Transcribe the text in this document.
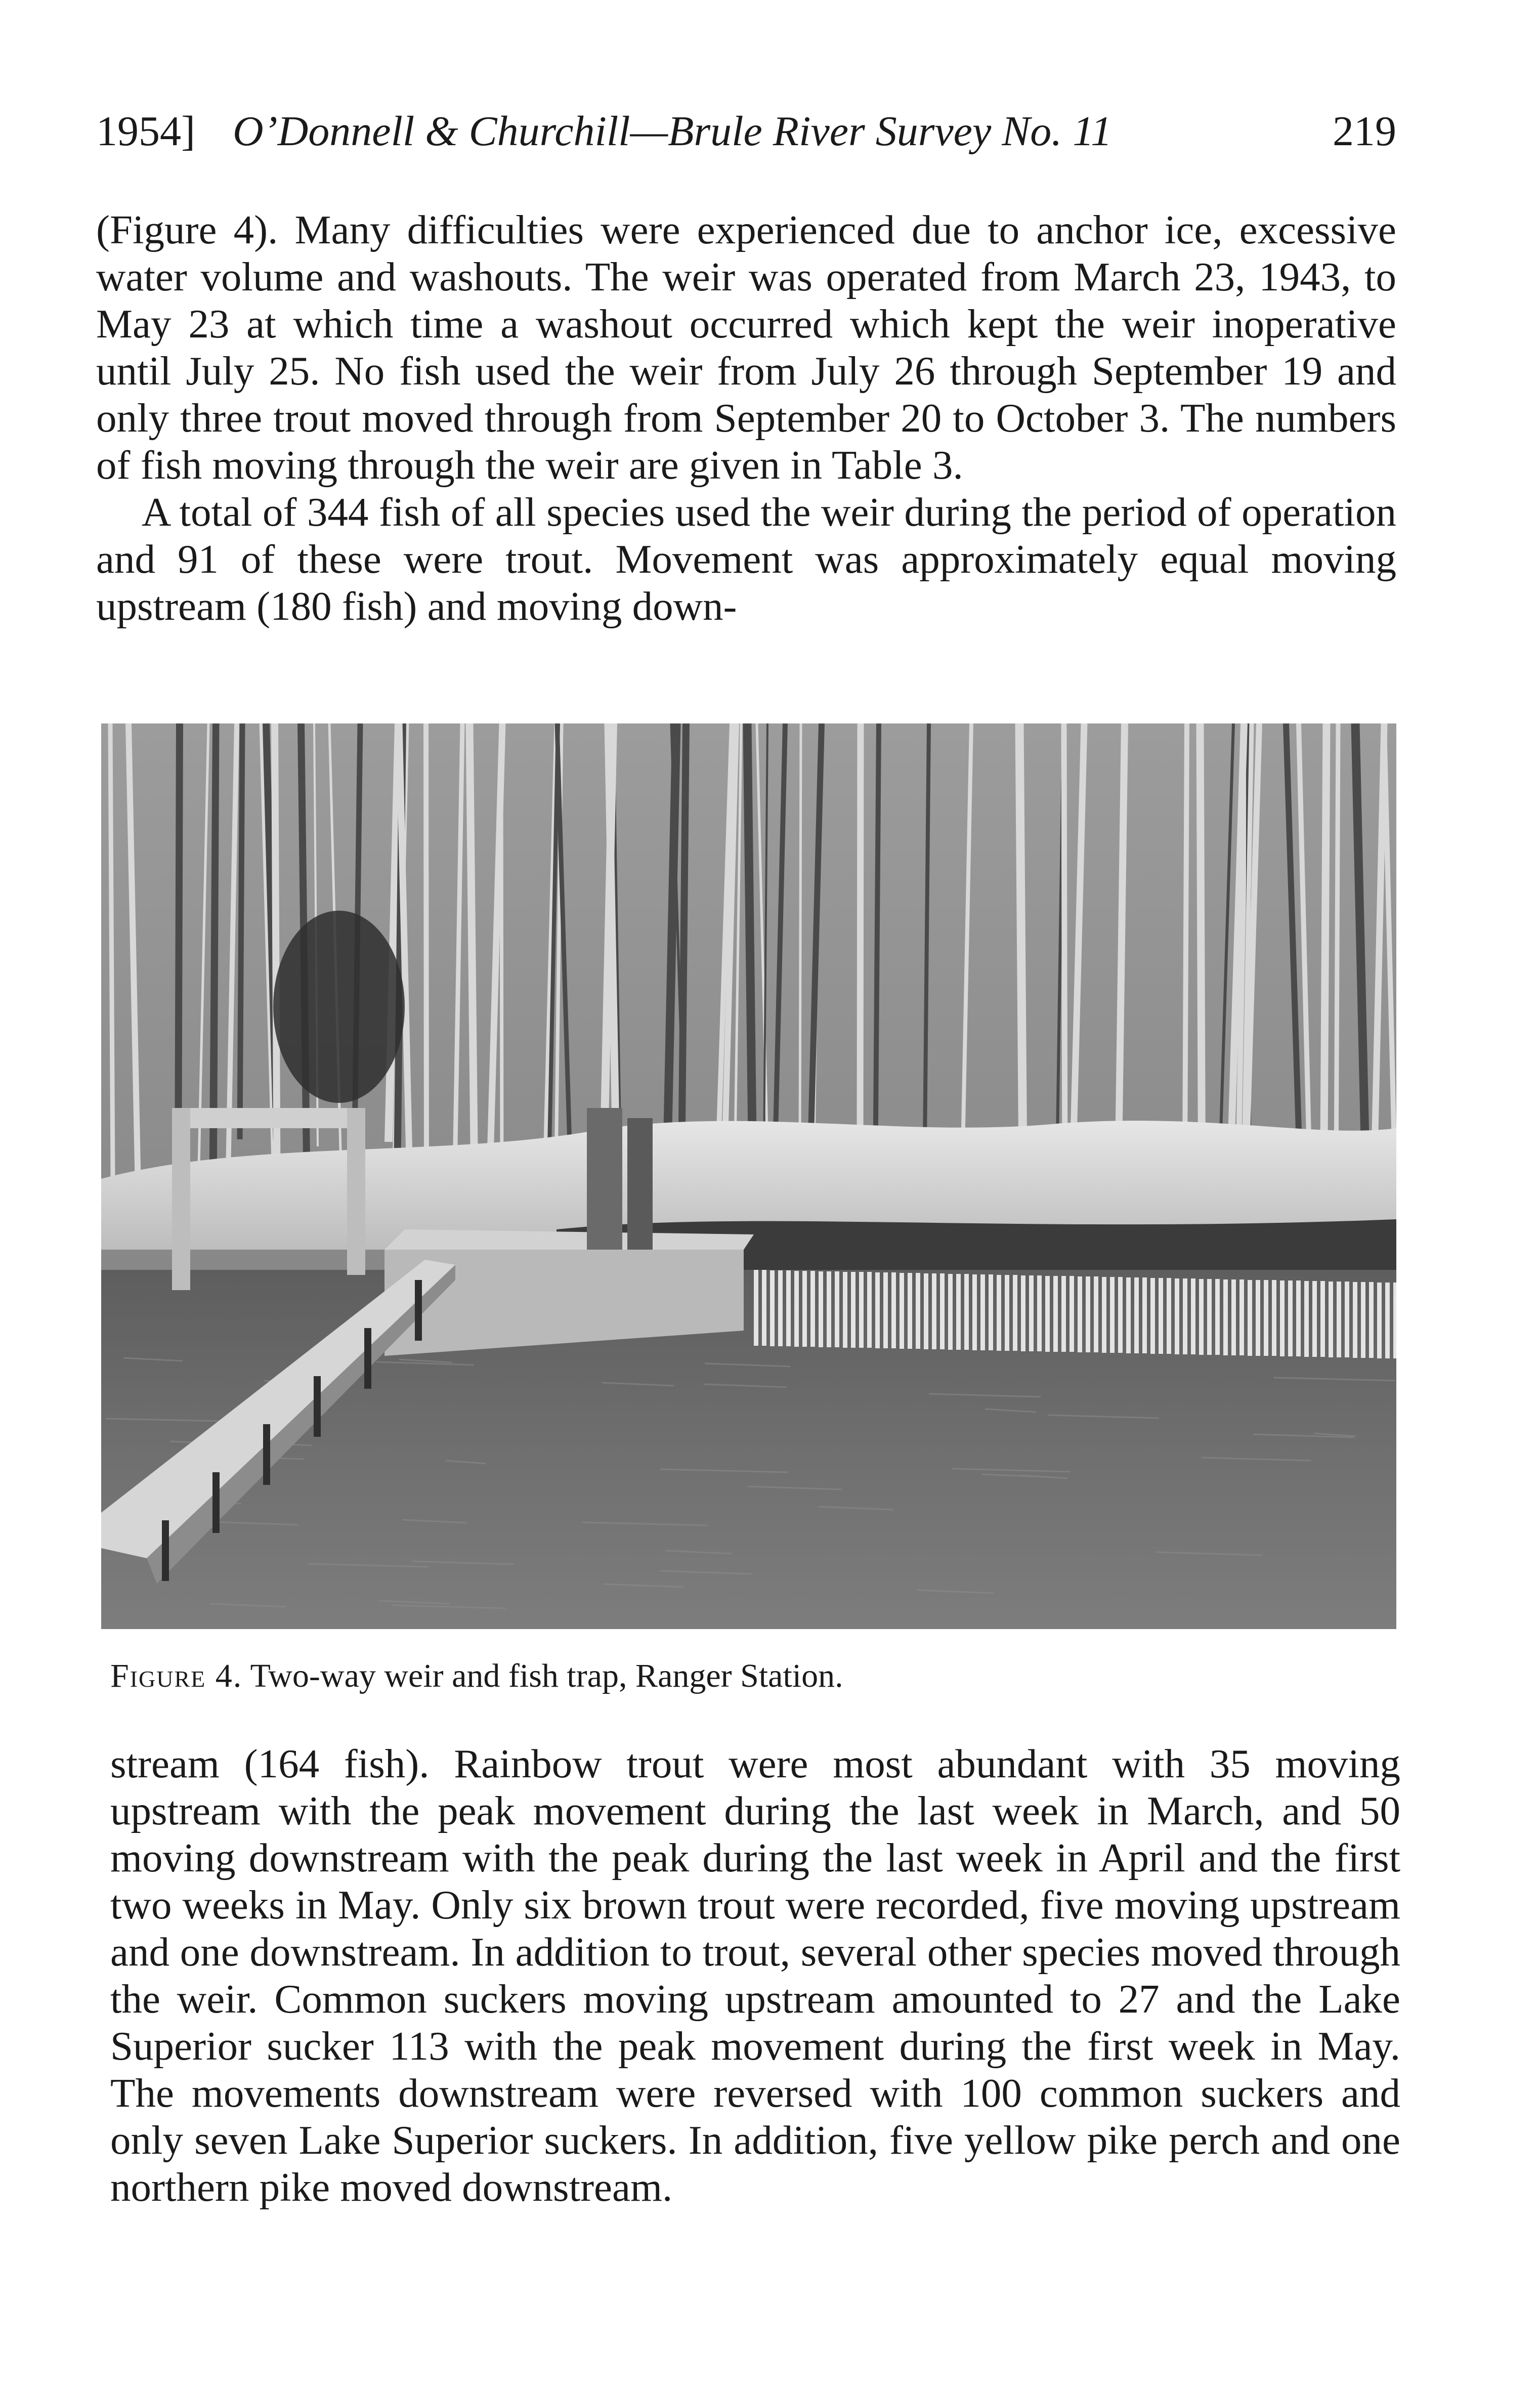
1954] O’Donnell & Churchill—Brule River Survey No. 11	219

(Figure 4). Many difficulties were experienced due to anchor ice, excessive water volume and washouts. The weir was operated from March 23, 1943, to May 23 at which time a washout occurred which kept the weir inoperative until July 25. No fish used the weir from July 26 through September 19 and only three trout moved through from September 20 to October 3. The numbers of fish moving through the weir are given in Table 3.

A total of 344 fish of all species used the weir during the period of operation and 91 of these were trout. Movement was approximately equal moving upstream (180 fish) and moving down-

Figure 4. Two-way weir and fish trap, Ranger Station.

stream (164 fish). Rainbow trout were most abundant with 35 moving upstream with the peak movement during the last week in March, and 50 moving downstream with the peak during the last week in April and the first two weeks in May. Only six brown trout were recorded, five moving upstream and one downstream. In addition to trout, several other species moved through the weir. Common suckers moving upstream amounted to 27 and the Lake Superior sucker 113 with the peak movement during the first week in May. The movements downstream were reversed with 100 common suckers and only seven Lake Superior suckers. In addition, five yellow pike perch and one northern pike moved downstream.
